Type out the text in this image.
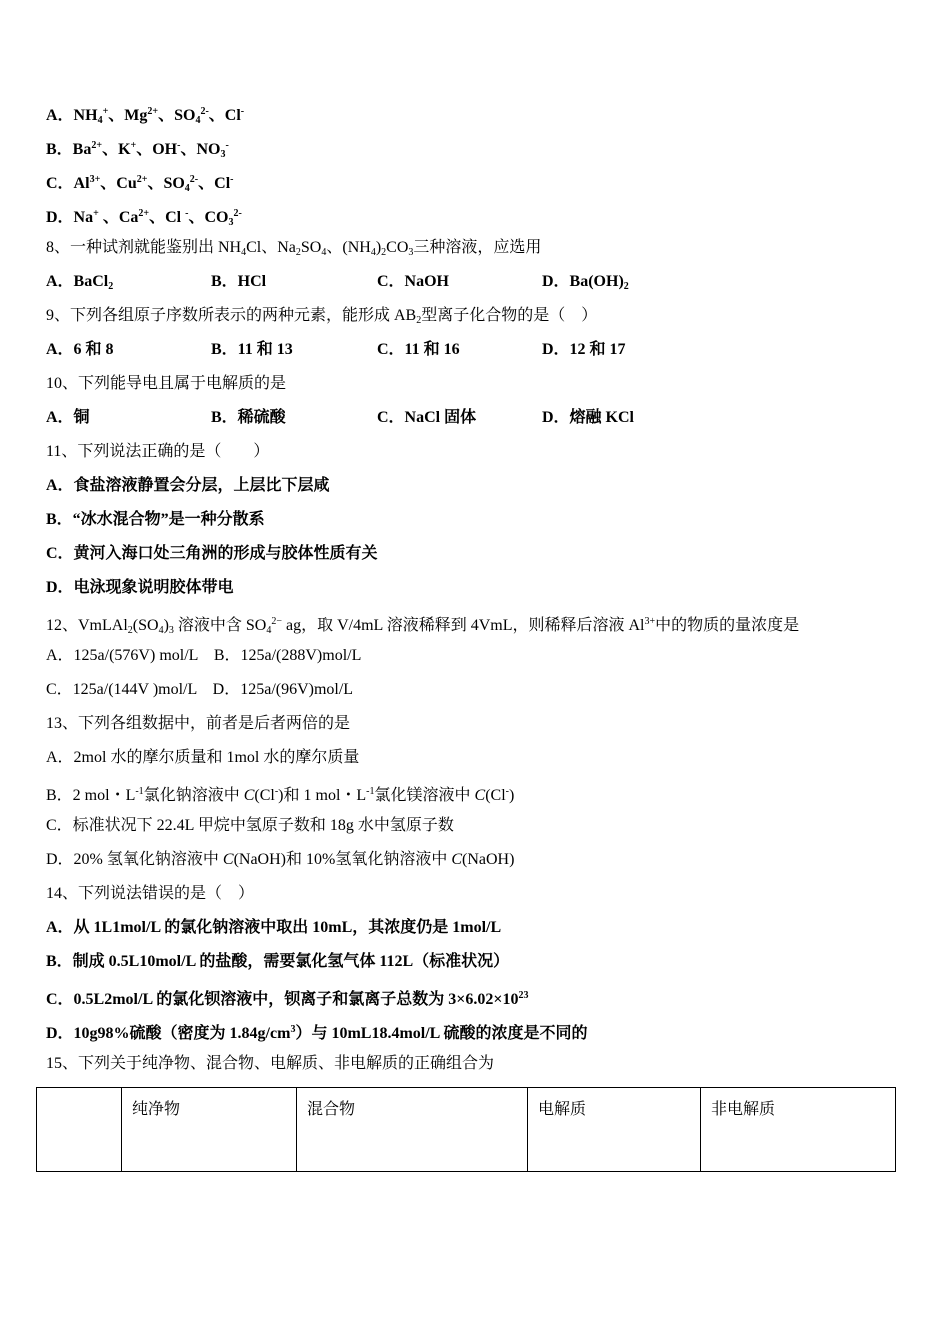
A．$NH_4^+$、$Mg^{2+}$、$SO_4^{2-}$、Cl-
B．$Ba^{2+}$、K+、OH-、$NO_3^-$
C．$Al^{3+}$、$Cu^{2+}$、$SO_4^{2-}$、Cl-
D．Na+ 、$Ca^{2+}$、Cl -、$CO_3^{2-}$
8、一种试剂就能鉴别出 $NH_4Cl$、$Na_2SO_4$、$(NH_4)_2CO_3$三种溶液，应选用
A．BaCl$_2$	B．HCl	C．NaOH	D．$Ba(OH)_2$
9、下列各组原子序数所表示的两种元素，能形成 $AB_2$型离子化合物的是（　）
A．6 和 8	B．11 和 13	C．11 和 16	D．12 和 17
10、下列能导电且属于电解质的是
A．铜	B．稀硫酸	C．NaCl 固体	D．熔融 KCl
11、下列说法正确的是（　　）
A．食盐溶液静置会分层，上层比下层咸
B．“冰水混合物”是一种分散系
C．黄河入海口处三角洲的形成与胶体性质有关
D．电泳现象说明胶体带电
12、$VmLAl_2(SO_4)_3$ 溶液中含 $SO_4^{2-}$ ag，取 V/4mL 溶液稀释到 4VmL，则稀释后溶液 $Al^{3+}$中的物质的量浓度是
A．125a/(576V) mol/L　B．125a/(288V)mol/L
C．125a/(144V )mol/L　D．125a/(96V)mol/L
13、下列各组数据中，前者是后者两倍的是
A．2mol 水的摩尔质量和 1mol 水的摩尔质量
B．2 mol・$L^{-1}$氯化钠溶液中 C(Cl-)和 1 mol・$L^{-1}$氯化镁溶液中 C(Cl-)
C．标准状况下 22.4L 甲烷中氢原子数和 18g 水中氢原子数
D．20% 氢氧化钠溶液中 C(NaOH)和 10%氢氧化钠溶液中 C(NaOH)
14、下列说法错误的是（　）
A．从 1L1mol/L 的氯化钠溶液中取出 10mL，其浓度仍是 1mol/L
B．制成 0.5L10mol/L 的盐酸，需要氯化氢气体 112L（标准状况）
C．0.5L2mol/L 的氯化钡溶液中，钡离子和氯离子总数为 $3\times 6.02\times 10^{23}$
D．10g98%硫酸（密度为 $1.84g/cm^3$）与 10mL18.4mol/L 硫酸的浓度是不同的
15、下列关于纯净物、混合物、电解质、非电解质的正确组合为
	纯净物	混合物	电解质	非电解质
